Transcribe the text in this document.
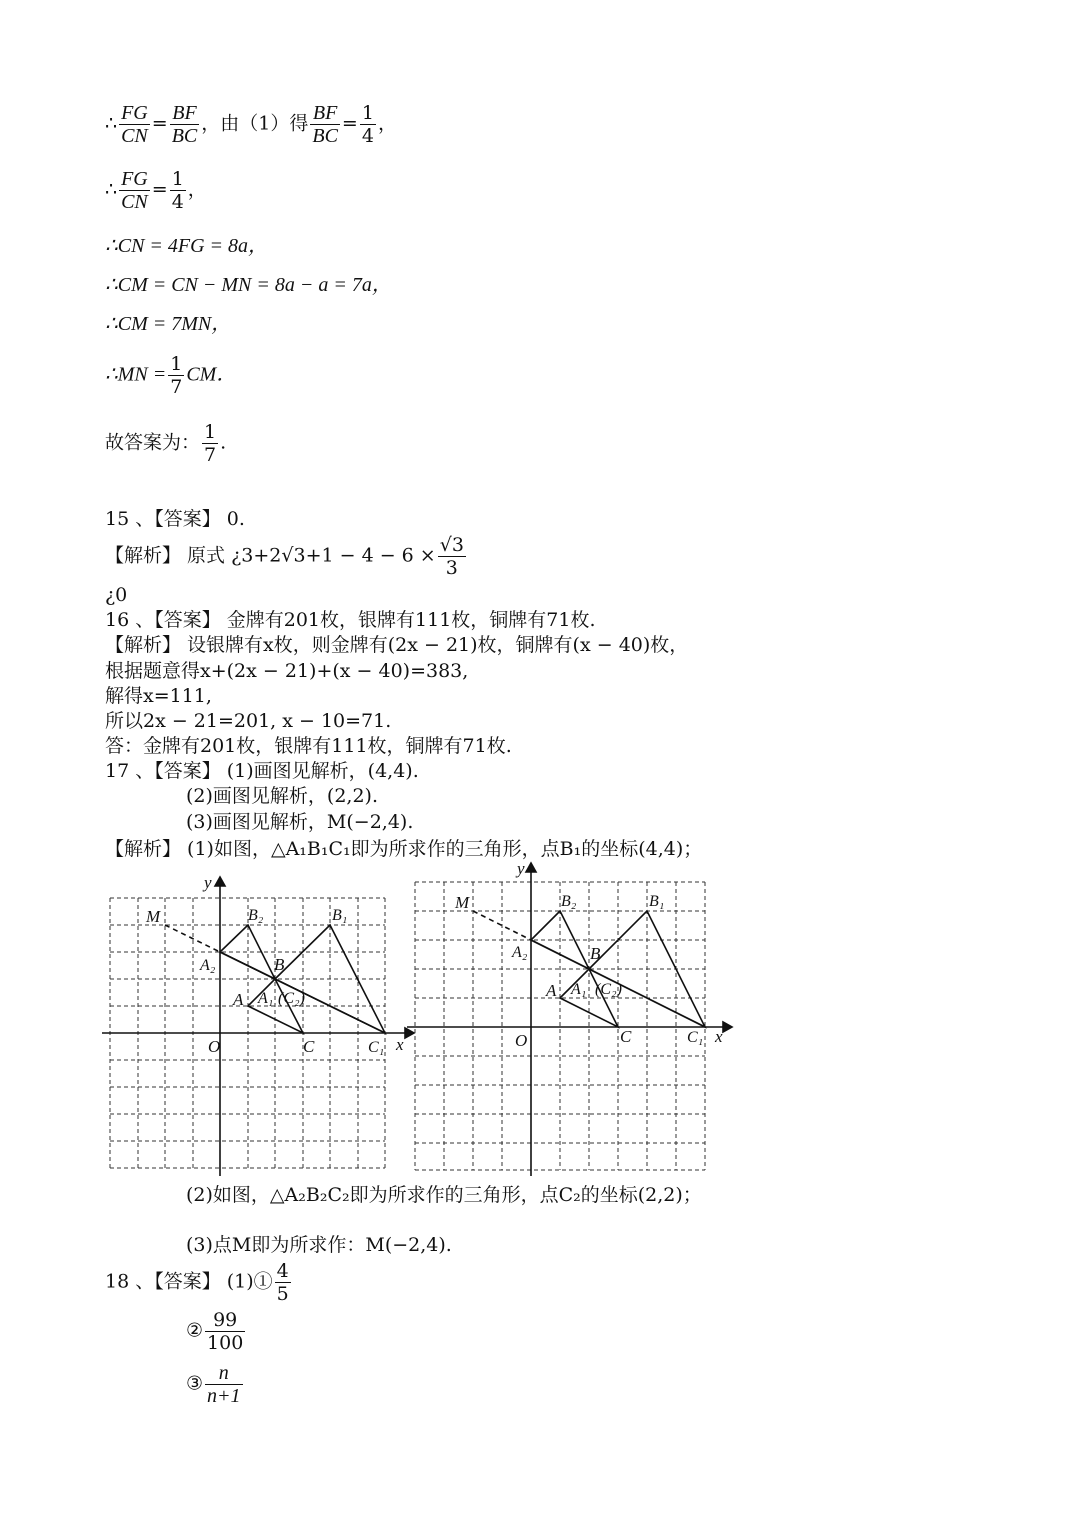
∴ $\frac{FG}{CN} = \frac{BF}{BC}$ ，由（1）得 $\frac{BF}{BC} = \frac{1}{4}$ ，
∴ $\frac{FG}{CN} = \frac{1}{4}$ ，
∴CN = 4FG = 8a，
∴CM = CN − MN = 8a − a = 7a，
∴CM = 7MN，
∴MN = $\frac{1}{7}$ CM．
故答案为： $\frac{1}{7}$ .
15 、【答案】 0.
【解析】 原式 ¿$3+2√3+1 - 4 - 6 \times \frac{√3}{3}$
¿0
16 、【答案】 金牌有201枚，银牌有111枚，铜牌有71枚.
【解析】 设银牌有x枚，则金牌有(2x − 21)枚，铜牌有(x − 40)枚，
根据题意得x+(2x − 21)+(x − 40)=383,
解得x=111,
所以2x − 21=201, x − 10=71.
答：金牌有201枚，银牌有111枚，铜牌有71枚.
17 、【答案】 (1)画图见解析，(4,4).
(2)画图见解析，(2,2).
(3)画图见解析，M(−2,4).
【解析】 (1)如图，△A₁B₁C₁即为所求作的三角形，点B₁的坐标(4,4)；
O
y
x
M
A
B
C
A₂
B₂
A₁ (C₂)
B₁
C₁	O
y
x
M
A
B
C
A₂
B₂
A₁ (C₂)
B₁
C₁
(2)如图，△A₂B₂C₂即为所求作的三角形，点C₂的坐标(2,2)；
(3)点M即为所求作：M(−2,4).
18 、【答案】 (1)① $\frac{4}{5}$
② $\frac{99}{100}$
③ $\frac{n}{n+1}$
